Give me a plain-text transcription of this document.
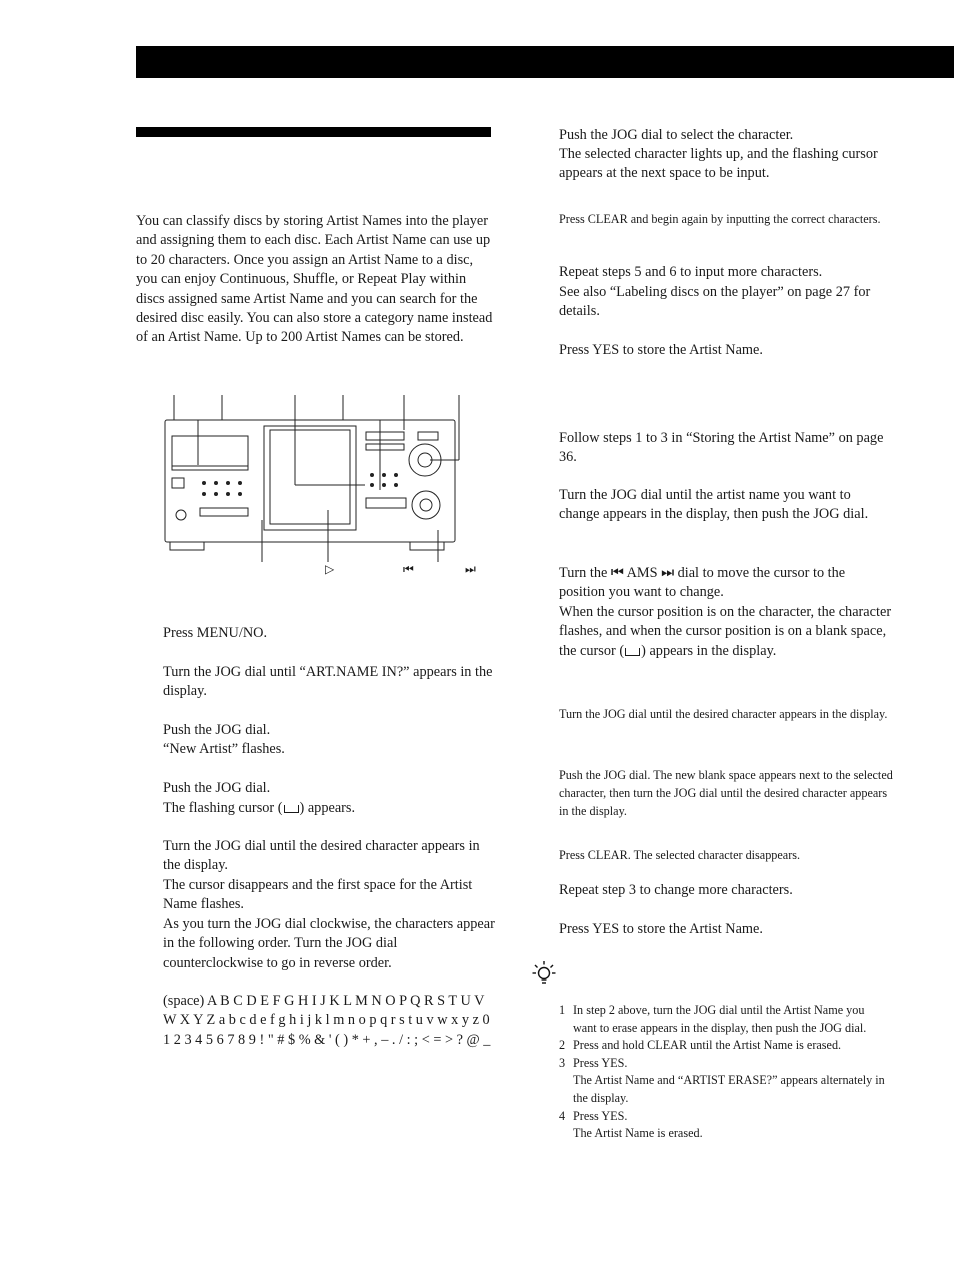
You can classify discs by storing Artist Names into the player and assigning them to each disc. Each Artist Name can use up to 20 characters. Once you assign an Artist Name to a disc, you can enjoy Continuous, Shuffle, or Repeat Play within discs assigned same Artist Name and you can search for the desired disc easily. You can also store a category name instead of an Artist Name. Up to 200 Artist Names can be stored.

▷	⏮	⏭

Press MENU/NO.

Turn the JOG dial until “ART.NAME IN?” appears in the display.

Push the JOG dial.

“New Artist” flashes.

Push the JOG dial.

The flashing cursor ( ) appears.

Turn the JOG dial until the desired character appears in the display.

The cursor disappears and the first space for the Artist Name flashes.

As you turn the JOG dial clockwise, the characters appear in the following order. Turn the JOG dial counterclockwise to go in reverse order.

(space) A B C D E F G H I J K L M N O P Q R S T U V W X Y Z a b c d e f g h i j k l m n o p q r s t u v w x y z 0 1 2 3 4 5 6 7 8 9 ! " # $ % & ' ( ) * + , – . / : ; < = > ? @ _

Push the JOG dial to select the character.

The selected character lights up, and the flashing cursor appears at the next space to be input.

Press CLEAR and begin again by inputting the correct characters.

Repeat steps 5 and 6 to input more characters.

See also “Labeling discs on the player” on page 27 for details.

Press YES to store the Artist Name.

Follow steps 1 to 3 in “Storing the Artist Name” on page 36.

Turn the JOG dial until the artist name you want to change appears in the display, then push the JOG dial.

Turn the ⏮ AMS ⏭ dial to move the cursor to the position you want to change.

When the cursor position is on the character, the character flashes, and when the cursor position is on a blank space, the cursor ( ) appears in the display.

Turn the JOG dial until the desired character appears in the display.

Push the JOG dial. The new blank space appears next to the selected character, then turn the JOG dial until the desired character appears in the display.

Press CLEAR. The selected character disappears.

Repeat step 3 to change more characters.

Press YES to store the Artist Name.

1 In step 2 above, turn the JOG dial until the Artist Name you want to erase appears in the display, then push the JOG dial.

2 Press and hold CLEAR until the Artist Name is erased.

3 Press YES.
The Artist Name and “ARTIST ERASE?” appears alternately in the display.

4 Press YES.
The Artist Name is erased.
